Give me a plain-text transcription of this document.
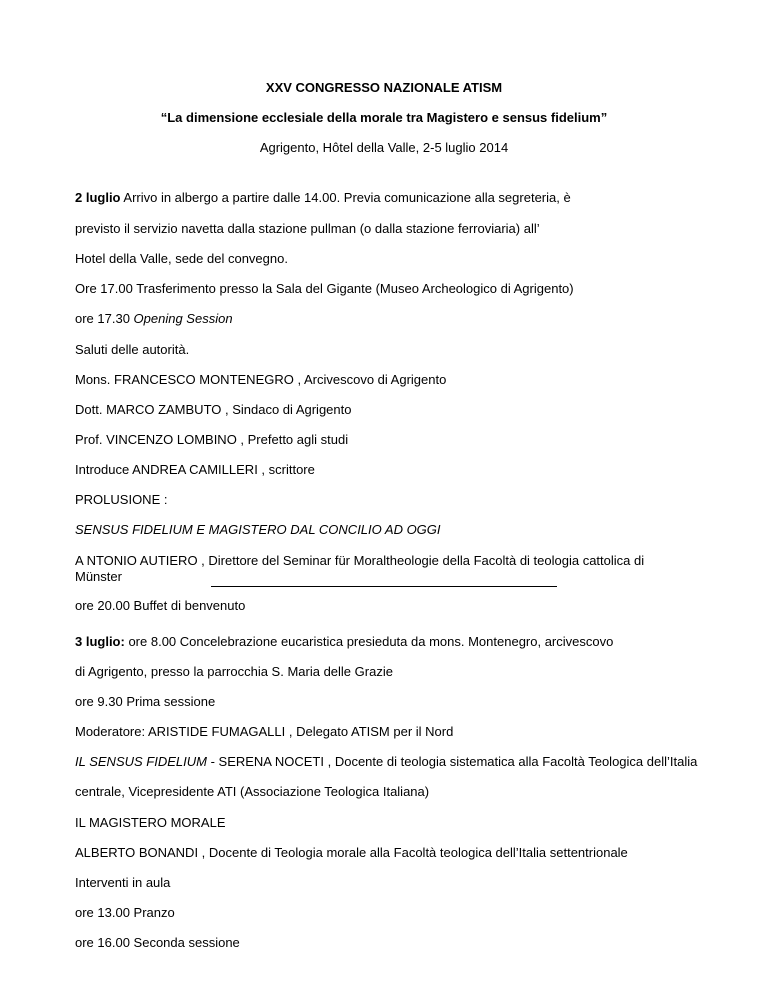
XXV CONGRESSO NAZIONALE ATISM
“La dimensione ecclesiale della morale tra Magistero e sensus fidelium”
Agrigento, Hôtel della Valle, 2-5 luglio 2014

2 luglio Arrivo in albergo a partire dalle 14.00. Previa comunicazione alla segreteria, è

previsto il servizio navetta dalla stazione pullman (o dalla stazione ferroviaria) all’

Hotel della Valle, sede del convegno.

Ore 17.00 Trasferimento presso la Sala del Gigante (Museo Archeologico di Agrigento)

ore 17.30 Opening Session

Saluti delle autorità.

Mons. FRANCESCO MONTENEGRO , Arcivescovo di Agrigento

Dott. MARCO ZAMBUTO , Sindaco di Agrigento

Prof. VINCENZO LOMBINO , Prefetto agli studi

Introduce ANDREA CAMILLERI , scrittore

PROLUSIONE :

SENSUS FIDELIUM E MAGISTERO DAL CONCILIO AD OGGI

A NTONIO AUTIERO , Direttore del Seminar für Moraltheologie della Facoltà di teologia cattolica di Münster

ore 20.00 Buffet di benvenuto

3 luglio: ore 8.00 Concelebrazione eucaristica presieduta da mons. Montenegro, arcivescovo

di Agrigento, presso la parrocchia S. Maria delle Grazie

ore 9.30 Prima sessione

Moderatore: ARISTIDE FUMAGALLI , Delegato ATISM per il Nord

IL SENSUS FIDELIUM - SERENA NOCETI , Docente di teologia sistematica alla Facoltà Teologica dell’Italia

centrale, Vicepresidente ATI (Associazione Teologica Italiana)

IL MAGISTERO MORALE

ALBERTO BONANDI , Docente di Teologia morale alla Facoltà teologica dell’Italia settentrionale

Interventi in aula

ore 13.00 Pranzo

ore 16.00 Seconda sessione
